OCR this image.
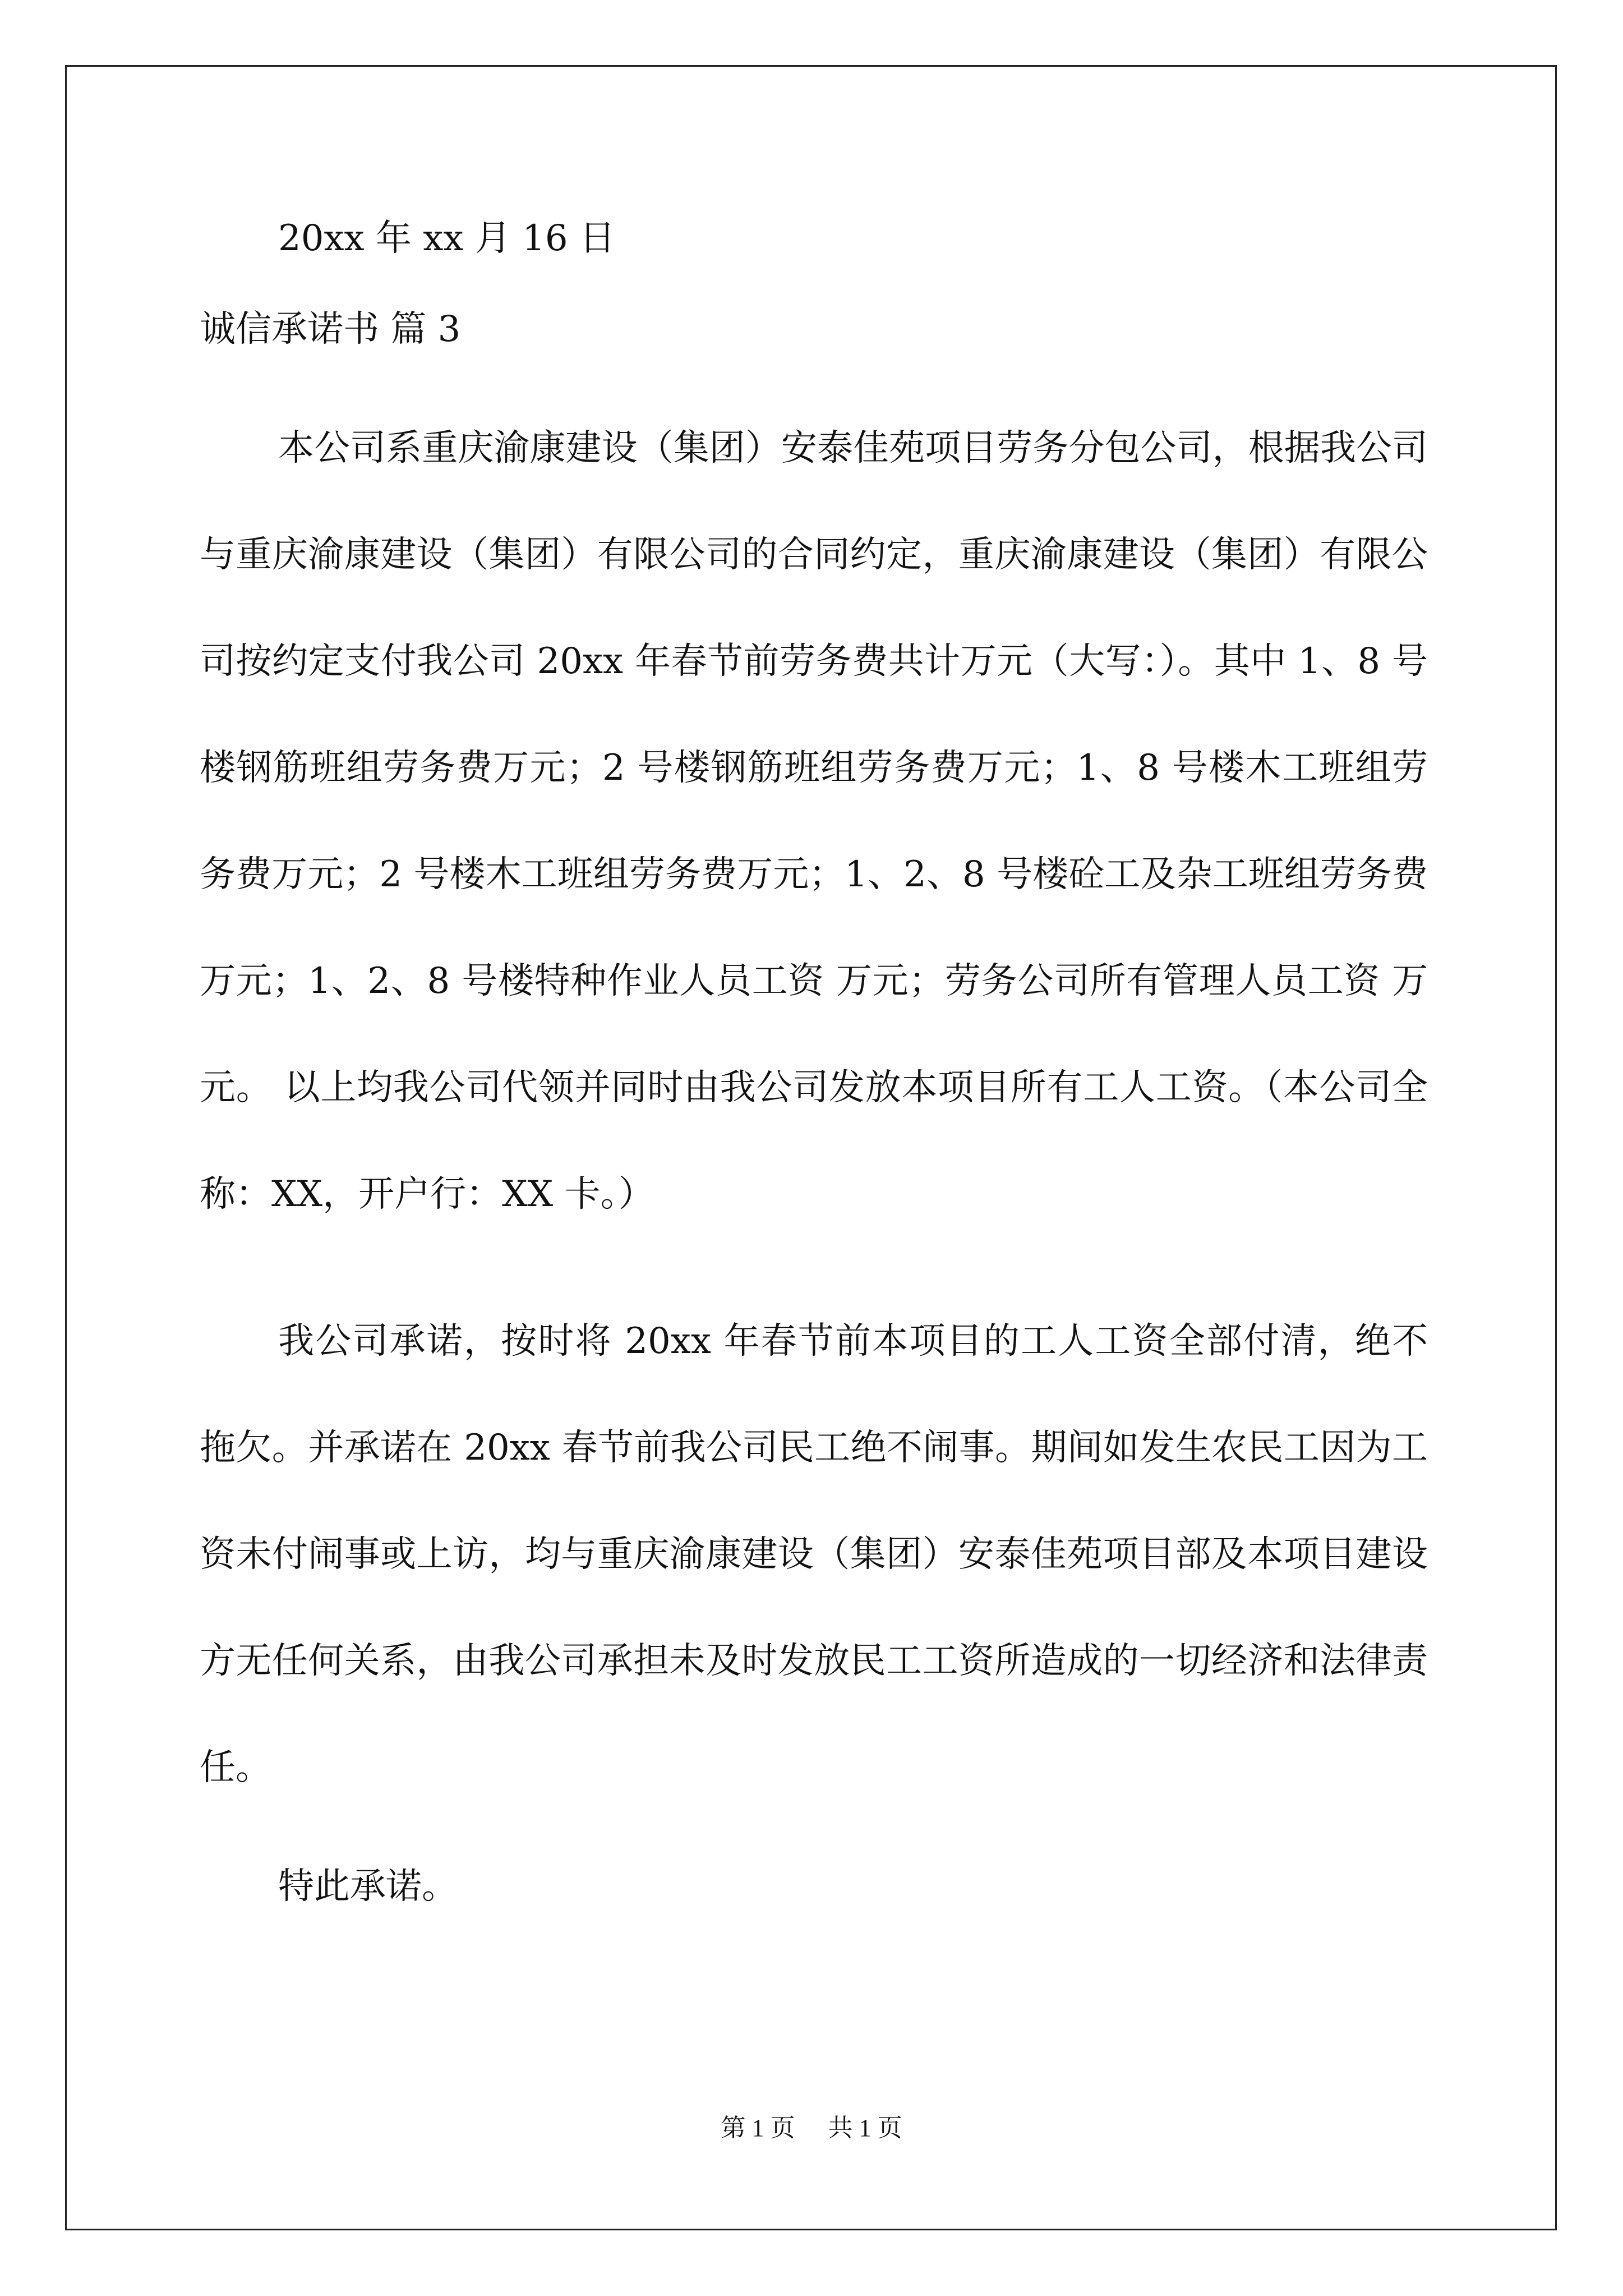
20xx 年 xx 月 16 日
诚信承诺书 篇 3

本公司系重庆渝康建设（集团）安泰佳苑项目劳务分包公司，根据我公司与重庆渝康建设（集团）有限公司的合同约定，重庆渝康建设（集团）有限公司按约定支付我公司 20xx 年春节前劳务费共计万元（大写：）。其中 1、8 号楼钢筋班组劳务费万元；2 号楼钢筋班组劳务费万元；1、8 号楼木工班组劳务费万元；2 号楼木工班组劳务费万元；1、2、8 号楼砼工及杂工班组劳务费 万元；1、2、8 号楼特种作业人员工资 万元；劳务公司所有管理人员工资 万元。 以上均我公司代领并同时由我公司发放本项目所有工人工资。（本公司全称：XX，开户行：XX 卡。）

我公司承诺，按时将 20xx 年春节前本项目的工人工资全部付清，绝不拖欠。并承诺在 20xx 春节前我公司民工绝不闹事。期间如发生农民工因为工资未付闹事或上访，均与重庆渝康建设（集团）安泰佳苑项目部及本项目建设方无任何关系，由我公司承担未及时发放民工工资所造成的一切经济和法律责任。

特此承诺。
第 1 页 共 1 页
